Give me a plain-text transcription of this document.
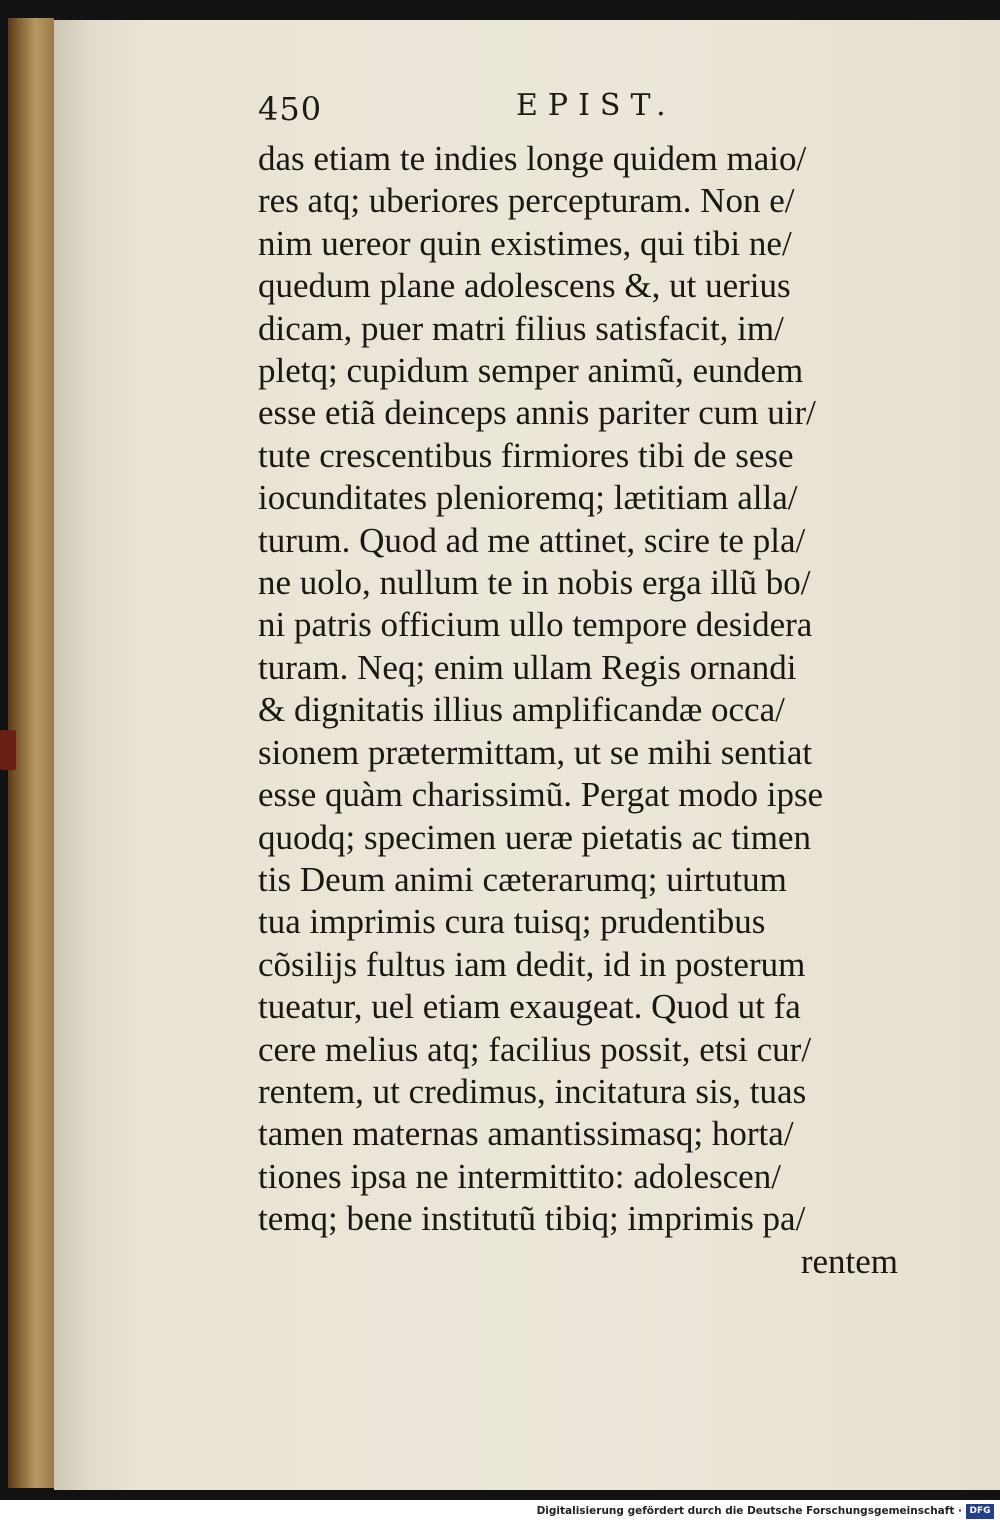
450	EPIST.
das etiam te indies longe quidem maio/
res atq; uberiores percepturam. Non e/
nim uereor quin existimes, qui tibi ne/
quedum plane adolescens &, ut uerius
dicam, puer matri filius satisfacit, im/
pletq; cupidum semper animũ, eundem
esse etiã deinceps annis pariter cum uir/
tute crescentibus firmiores tibi de sese
iocunditates plenioremq; lætitiam alla/
turum. Quod ad me attinet, scire te pla/
ne uolo, nullum te in nobis erga illũ bo/
ni patris officium ullo tempore desidera
turam. Neq; enim ullam Regis ornandi
& dignitatis illius amplificandæ occa/
sionem prætermittam, ut se mihi sentiat
esse quàm charissimũ. Pergat modo ipse
quodq; specimen ueræ pietatis ac timen
tis Deum animi cæterarumq; uirtutum
tua imprimis cura tuisq; prudentibus
cõsilijs fultus iam dedit, id in posterum
tueatur, uel etiam exaugeat. Quod ut fa
cere melius atq; facilius possit, etsi cur/
rentem, ut credimus, incitatura sis, tuas
tamen maternas amantissimasq; horta/
tiones ipsa ne intermittito: adolescen/
temq; bene institutũ tibiq; imprimis pa/
rentem
Digitalisierung gefördert durch die Deutsche Forschungsgemeinschaft · DFG
